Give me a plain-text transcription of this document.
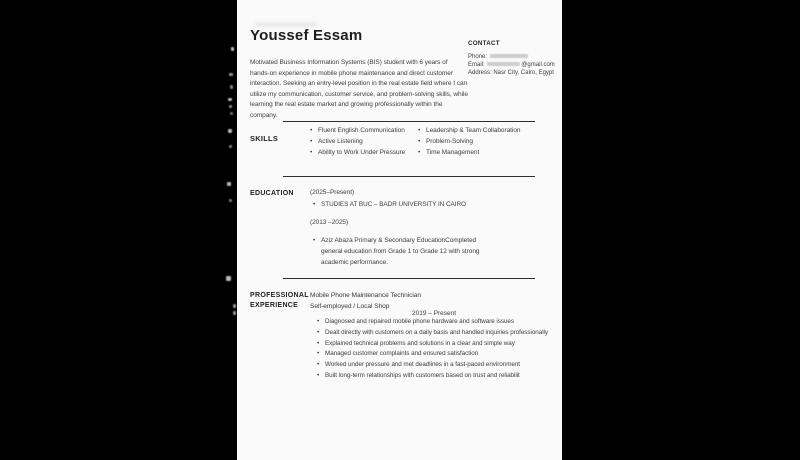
Youssef Essam	CONTACT
Phone:
Email:	@gmail.com
Address: Nasr City, Cairo, Egypt
Motivated Business Information Systems (BIS) student with 6 years of hands-on experience in mobile phone maintenance and direct customer interaction. Seeking an entry-level position in the real estate field where I can utilize my communication, customer service, and problem-solving skills, while learning the real estate market and growing professionally within the company.
SKILLS
• Fluent English Communication
• Active Listening
• Ability to Work Under Pressure
• Leadership & Team Collaboration
• Problem-Solving
• Time Management
EDUCATION (2025–Present)
• STUDIES AT BUC – BADR UNIVERSITY IN CAIRO
(2013 –2025)
• Aziz Abaza Primary & Secondary EducationCompleted general education from Grade 1 to Grade 12 with strong academic performance.
PROFESSIONAL
EXPERIENCE
Mobile Phone Maintenance Technician
Self-employed / Local Shop
2019 – Present
• Diagnosed and repaired mobile phone hardware and software issues
• Dealt directly with customers on a daily basis and handled inquiries professionally
• Explained technical problems and solutions in a clear and simple way
• Managed customer complaints and ensured satisfaction
• Worked under pressure and met deadlines in a fast-paced environment
• Built long-term relationships with customers based on trust and reliabilit
